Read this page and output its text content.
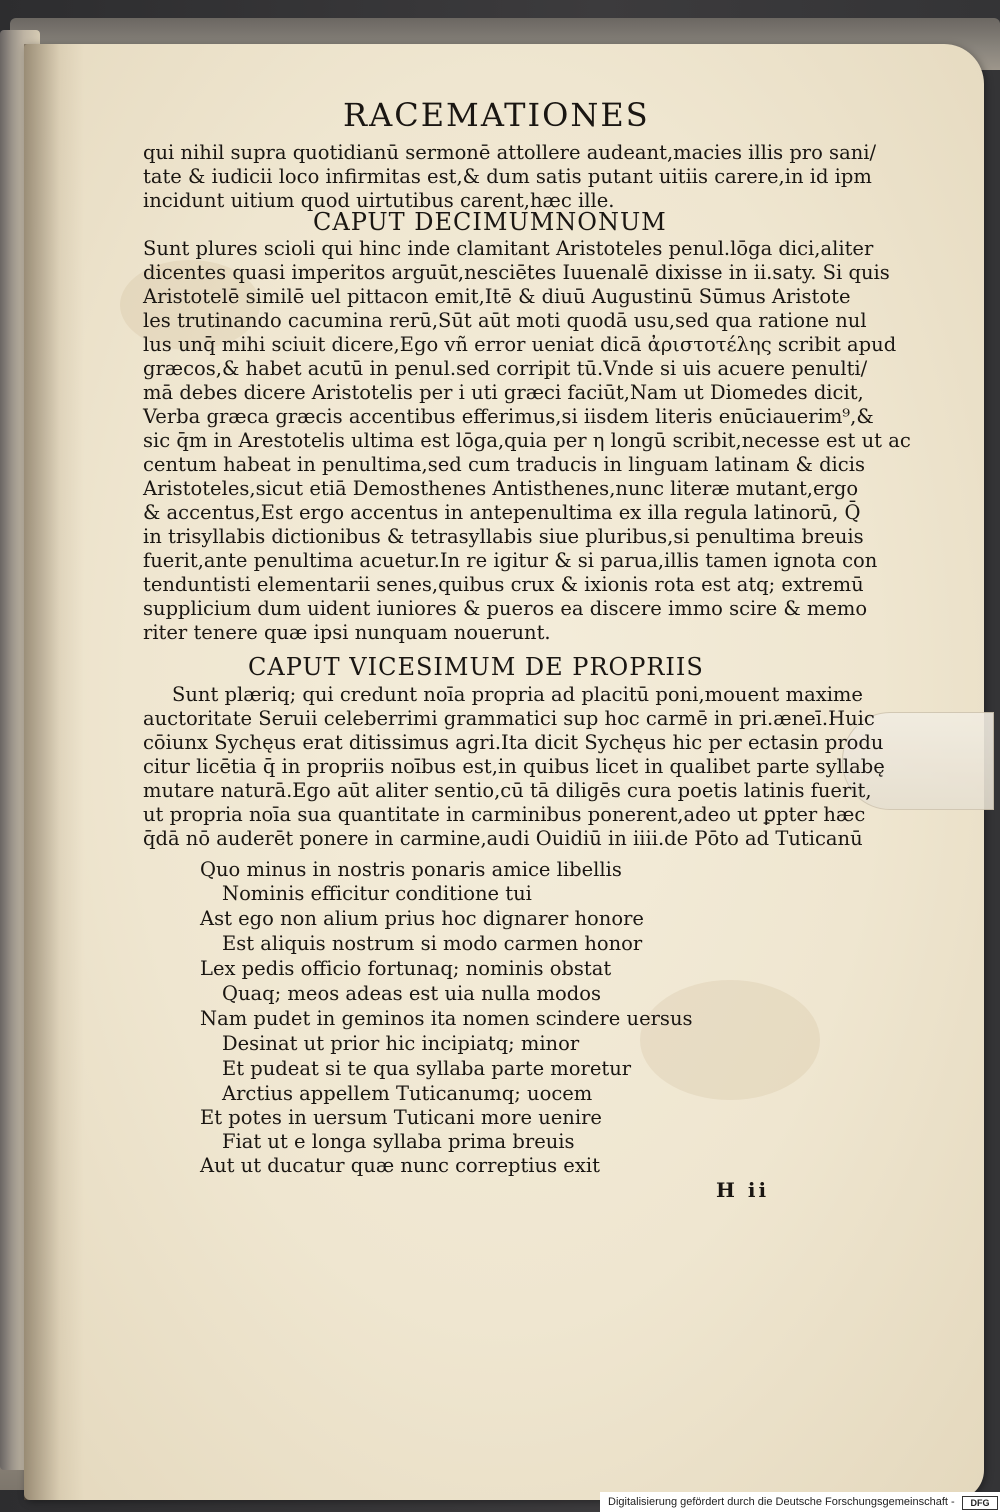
RACEMATIONES
qui nihil supra quotidianū sermonē attollere audeant,macies illis pro sani/
tate & iudicii loco infirmitas est,& dum satis putant uitiis carere,in id ipm
incidunt uitium quod uirtutibus carent,hæc ille.
CAPUT DECIMUMNONUM
Sunt plures scioli qui hinc inde clamitant Aristoteles penul.lōga dici,aliter
dicentes quasi imperitos arguūt,nesciētes Iuuenalē dixisse in ii.saty. Si quis
Aristotelē similē uel pittacon emit,Itē & diuū Augustinū Sūmus Aristote
les trutinando cacumina rerū,Sūt aūt moti quodā usu,sed qua ratione nul
lus unq̄ mihi sciuit dicere,Ego vñ error ueniat dicā ἀριστοτέλης scribit apud
græcos,& habet acutū in penul.sed corripit tū.Vnde si uis acuere penulti/
mā debes dicere Aristotelis per i uti græci faciūt,Nam ut Diomedes dicit,
Verba græca græcis accentibus efferimus,si iisdem literis enūciauerim⁹,&
sic q̄m in Arestotelis ultima est lōga,quia per η longū scribit,necesse est ut ac
centum habeat in penultima,sed cum traducis in linguam latinam & dicis
Aristoteles,sicut etiā Demosthenes Antisthenes,nunc literæ mutant,ergo
& accentus,Est ergo accentus in antepenultima ex illa regula latinorū, Q̄
in trisyllabis dictionibus & tetrasyllabis siue pluribus,si penultima breuis
fuerit,ante penultima acuetur.In re igitur & si parua,illis tamen ignota con
tenduntisti elementarii senes,quibus crux & ixionis rota est atq; extremū
supplicium dum uident iuniores & pueros ea discere immo scire & memo
riter tenere quæ ipsi nunquam nouerunt.
CAPUT VICESIMUM DE PROPRIIS
Sunt plæriq; qui credunt noīa propria ad placitū poni,mouent maxime
auctoritate Seruii celeberrimi grammatici sup hoc carmē in pri.æneī.Huic
cōiunx Sychęus erat ditissimus agri.Ita dicit Sychęus hic per ectasin produ
citur licētia q̄ in propriis noībus est,in quibus licet in qualibet parte syllabę
mutare naturā.Ego aūt aliter sentio,cū tā diligēs cura poetis latinis fuerit,
ut propria noīa sua quantitate in carminibus ponerent,adeo ut ꝑpter hæc
q̄dā nō auderēt ponere in carmine,audi Ouidiū in iiii.de Pōto ad Tuticanū
Quo minus in nostris ponaris amice libellis
Nominis efficitur conditione tui
Ast ego non alium prius hoc dignarer honore
Est aliquis nostrum si modo carmen honor
Lex pedis officio fortunaq; nominis obstat
Quaq; meos adeas est uia nulla modos
Nam pudet in geminos ita nomen scindere uersus
Desinat ut prior hic incipiatq; minor
Et pudeat si te qua syllaba parte moretur
Arctius appellem Tuticanumq; uocem
Et potes in uersum Tuticani more uenire
Fiat ut e longa syllaba prima breuis
Aut ut ducatur quæ nunc correptius exit
H ii
Digitalisierung gefördert durch die Deutsche Forschungsgemeinschaft -	DFG
